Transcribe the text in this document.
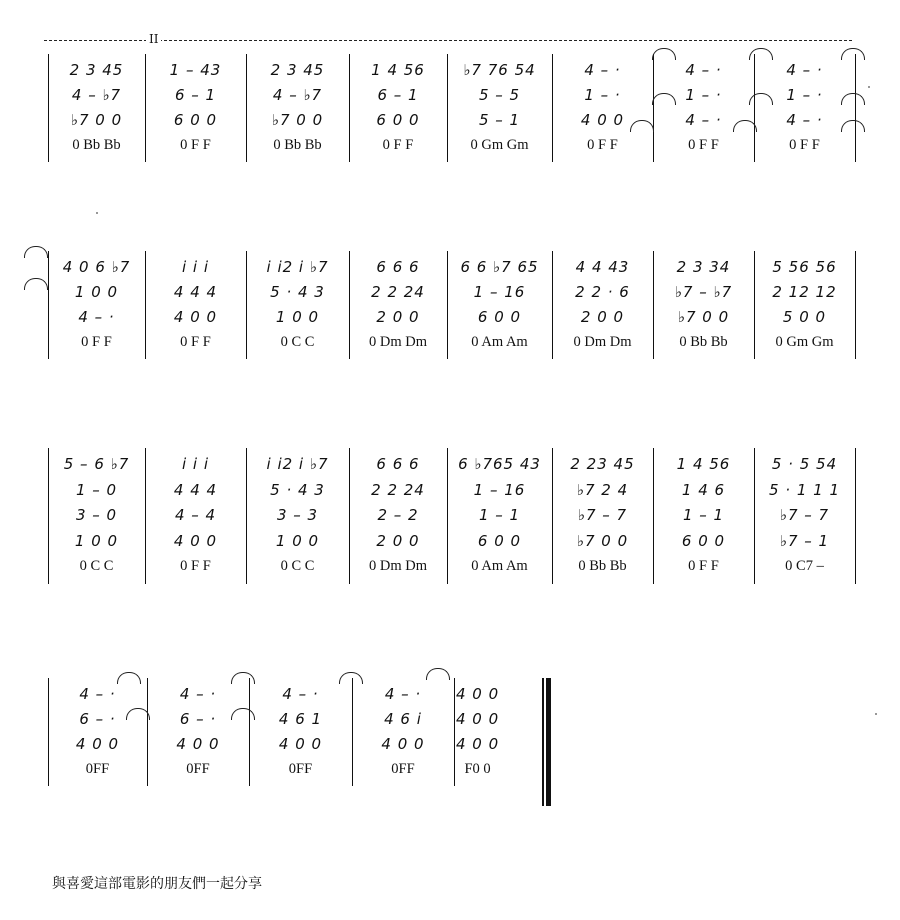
II
2 3 45
4 – ♭7
♭7 0 0
0 Bb Bb
1 – 43
6 – 1
6 0 0
0 F F
2 3 45
4 – ♭7
♭7 0 0
0 Bb Bb
1 4 56
6 – 1
6 0 0
0 F F
♭7 76 54
5 – 5
5 – 1
0 Gm Gm
4 – ·
1 – ·
4 0 0
0 F F
4 – ·
1 – ·
4 – ·
0 F F
4 – ·
1 – ·
4 – ·
0 F F
4 0 6 ♭7
1 0 0
4 – ·
0 F F
i i i
4 4 4
4 0 0
0 F F
i i2 i ♭7
5 · 4 3
1 0 0
0 C C
6 6 6
2 2 24
2 0 0
0 Dm Dm
6 6 ♭7 65
1 – 16
6 0 0
0 Am Am
4 4 43
2 2 · 6
2 0 0
0 Dm Dm
2 3 34
♭7 – ♭7
♭7 0 0
0 Bb Bb
5 56 56
2 12 12
5 0 0
0 Gm Gm
5 – 6 ♭7
1 – 0
3 – 0
1 0 0
0 C C
i i i
4 4 4
4 – 4
4 0 0
0 F F
i i2 i ♭7
5 · 4 3
3 – 3
1 0 0
0 C C
6 6 6
2 2 24
2 – 2
2 0 0
0 Dm Dm
6 ♭765 43
1 – 16
1 – 1
6 0 0
0 Am Am
2 23 45
♭7 2 4
♭7 – 7
♭7 0 0
0 Bb Bb
1 4 56
1 4 6
1 – 1
6 0 0
0 F F
5 · 5 54
5 · 1 1 1
♭7 – 7
♭7 – 1
0 C7 –
4 – ·
6 – ·
4 0 0
0FF
4 – ·
6 – ·
4 0 0
0FF
4 – ·
4 6 1
4 0 0
0FF
4 – ·
4 6 i
4 0 0
0FF
4 0 0
4 0 0
4 0 0
F0 0
與喜愛這部電影的朋友們一起分享
